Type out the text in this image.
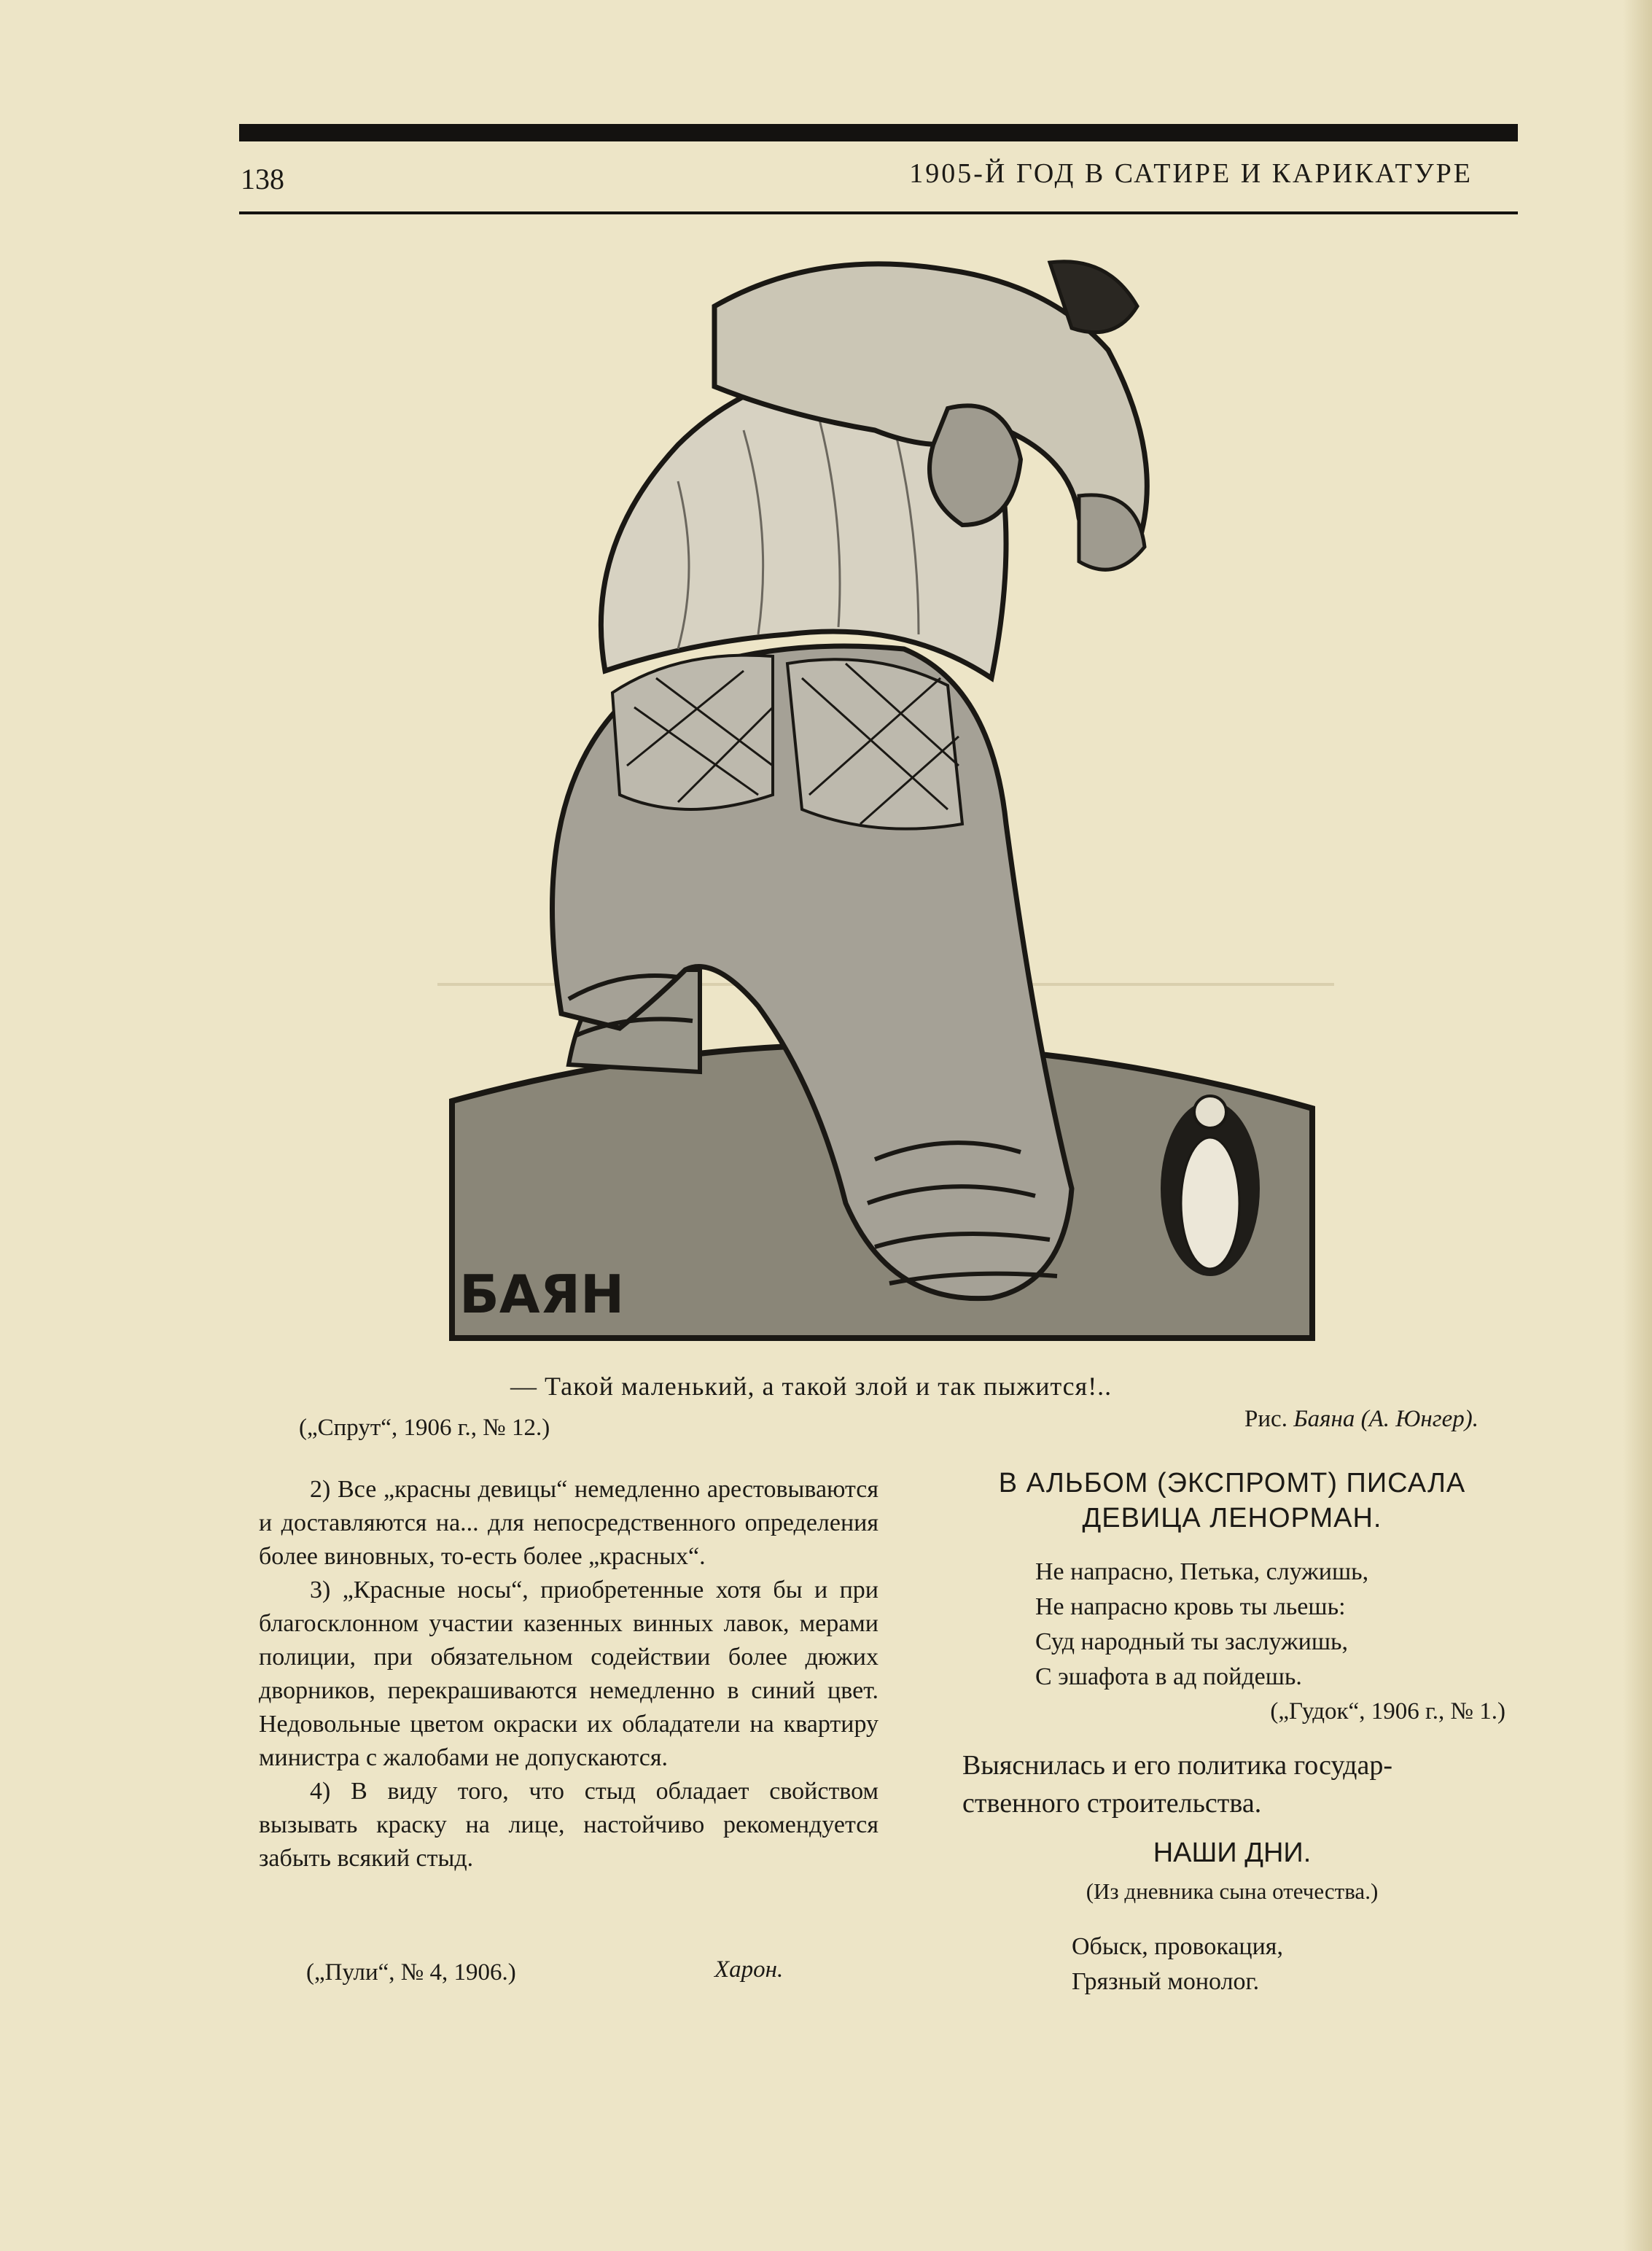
138	1905-Й ГОД В САТИРЕ И КАРИКАТУРЕ
БАЯН
— Такой маленький, а такой злой и так пыжится!..
(„Спрут“, 1906 г., № 12.)	Рис. Баяна (А. Юнгер).

2) Все „красны девицы“ немедленно арестовываются и доставляются на... для непосредственного определения более виновных, то-есть более „красных“.

3) „Красные носы“, приобретенные хотя бы и при благосклонном участии казенных винных лавок, мерами полиции, при обязательном содействии более дюжих дворников, перекрашиваются немедленно в синий цвет. Недовольные цветом окраски их обладатели на квартиру министра с жалобами не допускаются.

4) В виду того, что стыд обладает свойством вызывать краску на лице, настойчиво рекомендуется забыть всякий стыд.

(„Пули“, № 4, 1906.)	Харон.
В АЛЬБОМ (ЭКСПРОМТ) ПИСАЛА
ДЕВИЦА ЛЕНОРМАН.
Не напрасно, Петька, служишь,
Не напрасно кровь ты льешь:
Суд народный ты заслужишь,
С эшафота в ад пойдешь.
(„Гудок“, 1906 г., № 1.)

Выяснилась и его политика государ-

ственного строительства.

НАШИ ДНИ.
(Из дневника сына отечества.)
Обыск, провокация,
Грязный монолог.
